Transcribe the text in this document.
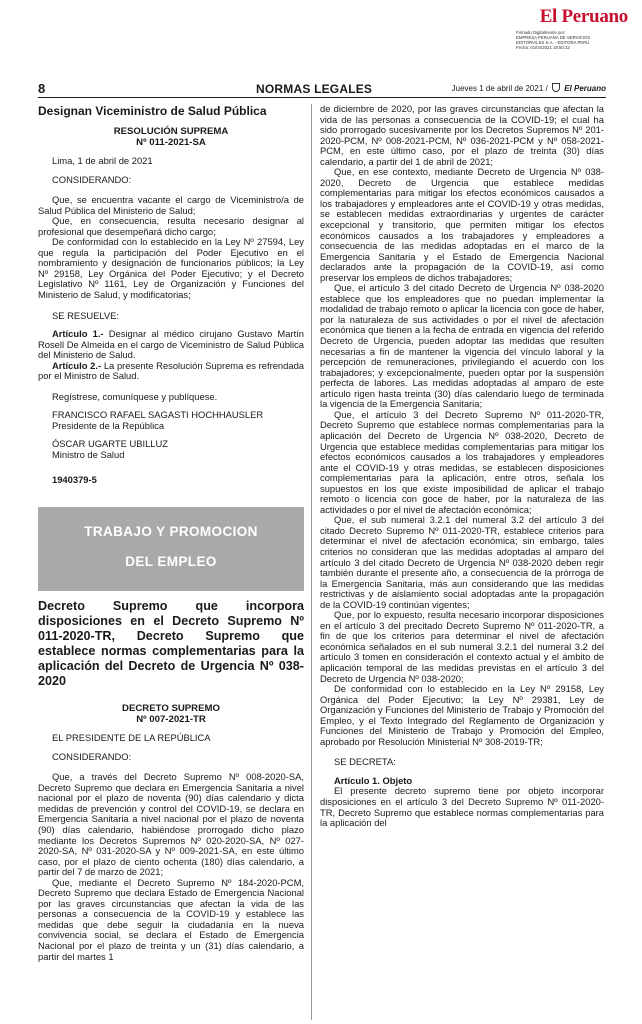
El Peruano
Firmado Digitalmente por:
EMPRESA PERUANA DE SERVICIOS
EDITORIALES S.A. - EDITORA PERU
Fecha: 01/04/2021 18:50:32
8	NORMAS LEGALES	Jueves 1 de abril de 2021 / El Peruano
Designan Viceministro de Salud Pública
RESOLUCIÓN SUPREMA
Nº 011-2021-SA

Lima, 1 de abril de 2021

CONSIDERANDO:

Que, se encuentra vacante el cargo de Viceministro/a de Salud Pública del Ministerio de Salud;

Que, en consecuencia, resulta necesario designar al profesional que desempeñará dicho cargo;

De conformidad con lo establecido en la Ley Nº 27594, Ley que regula la participación del Poder Ejecutivo en el nombramiento y designación de funcionarios públicos; la Ley Nº 29158, Ley Orgánica del Poder Ejecutivo; y el Decreto Legislativo Nº 1161, Ley de Organización y Funciones del Ministerio de Salud, y modificatorias;

SE RESUELVE:

Artículo 1.- Designar al médico cirujano Gustavo Martín Rosell De Almeida en el cargo de Viceministro de Salud Pública del Ministerio de Salud.

Artículo 2.- La presente Resolución Suprema es refrendada por el Ministro de Salud.

Regístrese, comuníquese y publíquese.

FRANCISCO RAFAEL SAGASTI HOCHHAUSLER
Presidente de la República
ÓSCAR UGARTE UBILLUZ
Ministro de Salud
1940379-5
TRABAJO Y PROMOCION
DEL EMPLEO
Decreto Supremo que incorpora disposiciones en el Decreto Supremo Nº 011-2020-TR, Decreto Supremo que establece normas complementarias para la aplicación del Decreto de Urgencia Nº 038-2020
DECRETO SUPREMO
Nº 007-2021-TR

EL PRESIDENTE DE LA REPÚBLICA

CONSIDERANDO:

Que, a través del Decreto Supremo Nº 008-2020-SA, Decreto Supremo que declara en Emergencia Sanitaria a nivel nacional por el plazo de noventa (90) días calendario y dicta medidas de prevención y control del COVID-19, se declara en Emergencia Sanitaria a nivel nacional por el plazo de noventa (90) días calendario, habiéndose prorrogado dicho plazo mediante los Decretos Supremos Nº 020-2020-SA, Nº 027-2020-SA, Nº 031-2020-SA y Nº 009-2021-SA, en este último caso, por el plazo de ciento ochenta (180) días calendario, a partir del 7 de marzo de 2021;

Que, mediante el Decreto Supremo Nº 184-2020-PCM, Decreto Supremo que declara Estado de Emergencia Nacional por las graves circunstancias que afectan la vida de las personas a consecuencia de la COVID-19 y establece las medidas que debe seguir la ciudadanía en la nueva convivencia social, se declara el Estado de Emergencia Nacional por el plazo de treinta y un (31) días calendario, a partir del martes 1

de diciembre de 2020, por las graves circunstancias que afectan la vida de las personas a consecuencia de la COVID-19; el cual ha sido prorrogado sucesivamente por los Decretos Supremos Nº 201-2020-PCM, Nº 008-2021-PCM, Nº 036-2021-PCM y Nº 058-2021-PCM, en este último caso, por el plazo de treinta (30) días calendario, a partir del 1 de abril de 2021;

Que, en ese contexto, mediante Decreto de Urgencia Nº 038-2020, Decreto de Urgencia que establece medidas complementarias para mitigar los efectos económicos causados a los trabajadores y empleadores ante el COVID-19 y otras medidas, se establecen medidas extraordinarias y urgentes de carácter excepcional y transitorio, que permiten mitigar los efectos económicos causados a los trabajadores y empleadores a consecuencia de las medidas adoptadas en el marco de la Emergencia Sanitaria y el Estado de Emergencia Nacional declarados ante la propagación de la COVID-19, así como preservar los empleos de dichos trabajadores;

Que, el artículo 3 del citado Decreto de Urgencia Nº 038-2020 establece que los empleadores que no puedan implementar la modalidad de trabajo remoto o aplicar la licencia con goce de haber, por la naturaleza de sus actividades o por el nivel de afectación económica que tienen a la fecha de entrada en vigencia del referido Decreto de Urgencia, pueden adoptar las medidas que resulten necesarias a fin de mantener la vigencia del vínculo laboral y la percepción de remuneraciones, privilegiando el acuerdo con los trabajadores; y excepcionalmente, pueden optar por la suspensión perfecta de labores. Las medidas adoptadas al amparo de este artículo rigen hasta treinta (30) días calendario luego de terminada la vigencia de la Emergencia Sanitaria;

Que, el artículo 3 del Decreto Supremo Nº 011-2020-TR, Decreto Supremo que establece normas complementarias para la aplicación del Decreto de Urgencia Nº 038-2020, Decreto de Urgencia que establece medidas complementarias para mitigar los efectos económicos causados a los trabajadores y empleadores ante el COVID-19 y otras medidas, se establecen disposiciones complementarias para la aplicación, entre otros, señala los supuestos en los que existe imposibilidad de aplicar el trabajo remoto o licencia con goce de haber, por la naturaleza de las actividades o por el nivel de afectación económica;

Que, el sub numeral 3.2.1 del numeral 3.2 del artículo 3 del citado Decreto Supremo Nº 011-2020-TR, establece criterios para determinar el nivel de afectación económica; sin embargo, tales criterios no consideran que las medidas adoptadas al amparo del artículo 3 del citado Decreto de Urgencia Nº 038-2020 deben regir también durante el presente año, a consecuencia de la prórroga de la Emergencia Sanitaria, más aun considerando que las medidas restrictivas y de aislamiento social adoptadas ante la propagación de la COVID-19 continúan vigentes;

Que, por lo expuesto, resulta necesario incorporar disposiciones en el artículo 3 del precitado Decreto Supremo Nº 011-2020-TR, a fin de que los criterios para determinar el nivel de afectación económica señalados en el sub numeral 3.2.1 del numeral 3.2 del artículo 3 tomen en consideración el contexto actual y el ámbito de aplicación temporal de las medidas previstas en el artículo 3 del Decreto de Urgencia Nº 038-2020;

De conformidad con lo establecido en la Ley Nº 29158, Ley Orgánica del Poder Ejecutivo; la Ley Nº 29381, Ley de Organización y Funciones del Ministerio de Trabajo y Promoción del Empleo, y el Texto Integrado del Reglamento de Organización y Funciones del Ministerio de Trabajo y Promoción del Empleo, aprobado por Resolución Ministerial Nº 308-2019-TR;

SE DECRETA:

Artículo 1. Objeto

El presente decreto supremo tiene por objeto incorporar disposiciones en el artículo 3 del Decreto Supremo Nº 011-2020-TR, Decreto Supremo que establece normas complementarias para la aplicación del
